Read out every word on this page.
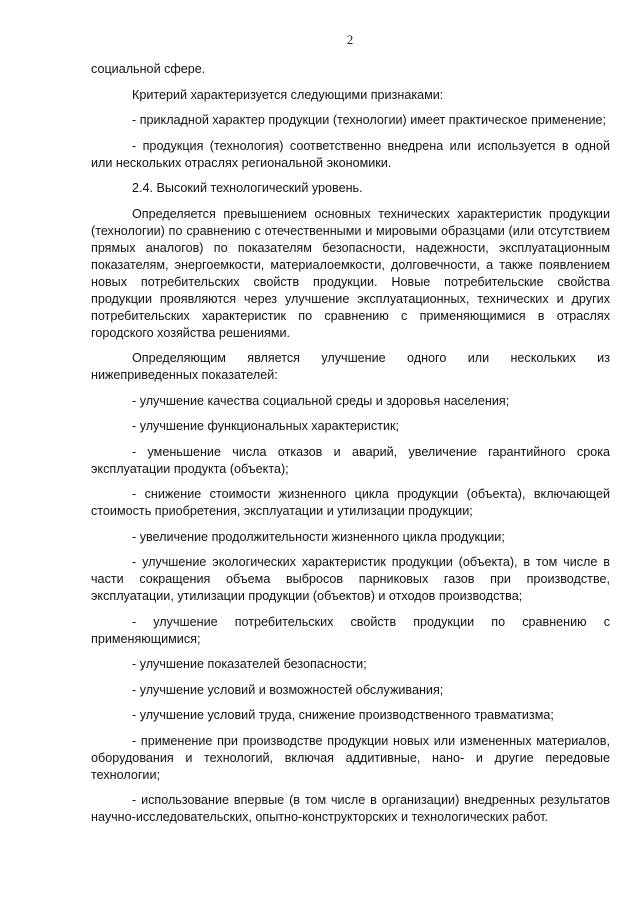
2

социальной сфере.

Критерий характеризуется следующими признаками:

- прикладной характер продукции (технологии) имеет практическое применение;

- продукция (технология) соответственно внедрена или используется в одной или нескольких отраслях региональной экономики.

2.4. Высокий технологический уровень.

Определяется превышением основных технических характеристик продукции (технологии) по сравнению с отечественными и мировыми образцами (или отсутствием прямых аналогов) по показателям безопасности, надежности, эксплуатационным показателям, энергоемкости, материалоемкости, долговечности, а также появлением новых потребительских свойств продукции. Новые потребительские свойства продукции проявляются через улучшение эксплуатационных, технических и других потребительских характеристик по сравнению с применяющимися в отраслях городского хозяйства решениями.

Определяющим является улучшение одного или нескольких из нижеприведенных показателей:

- улучшение качества социальной среды и здоровья населения;

- улучшение функциональных характеристик;

- уменьшение числа отказов и аварий, увеличение гарантийного срока эксплуатации продукта (объекта);

- снижение стоимости жизненного цикла продукции (объекта), включающей стоимость приобретения, эксплуатации и утилизации продукции;

- увеличение продолжительности жизненного цикла продукции;

- улучшение экологических характеристик продукции (объекта), в том числе в части сокращения объема выбросов парниковых газов при производстве, эксплуатации, утилизации продукции (объектов) и отходов производства;

- улучшение потребительских свойств продукции по сравнению с применяющимися;

- улучшение показателей безопасности;

- улучшение условий и возможностей обслуживания;

- улучшение условий труда, снижение производственного травматизма;

- применение при производстве продукции новых или измененных материалов, оборудования и технологий, включая аддитивные, нано- и другие передовые технологии;

- использование впервые (в том числе в организации) внедренных результатов научно-исследовательских, опытно-конструкторских и технологических работ.
